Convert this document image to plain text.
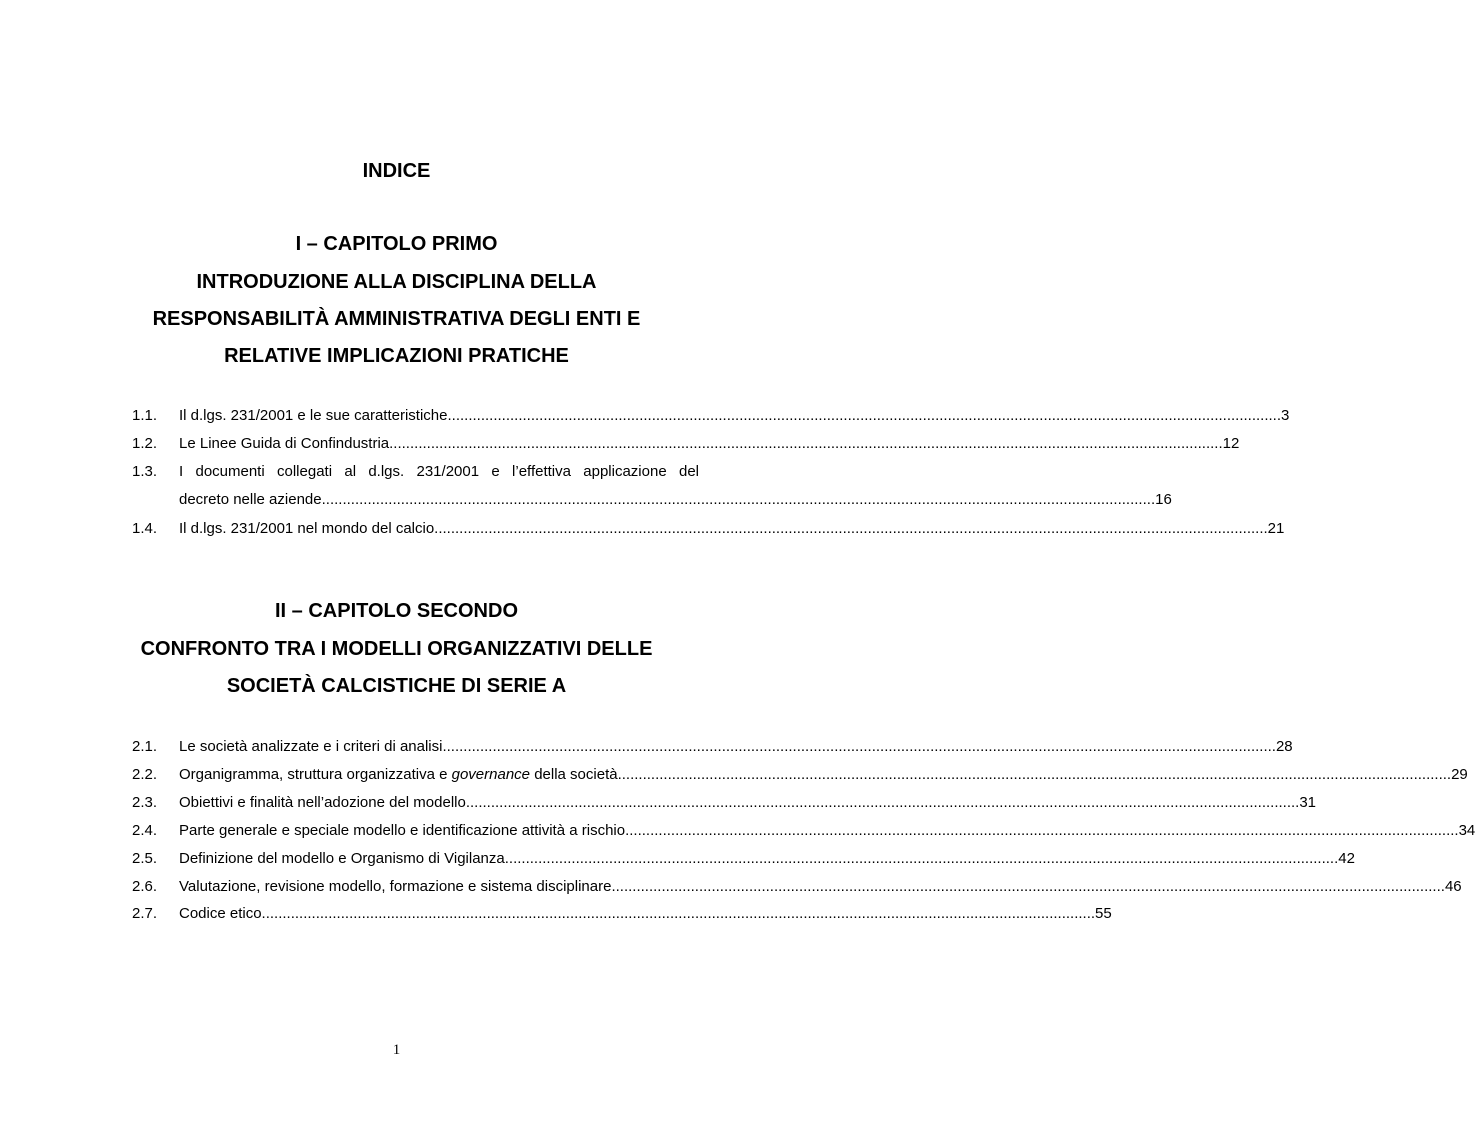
INDICE
I – CAPITOLO PRIMO
INTRODUZIONE ALLA DISCIPLINA DELLA
RESPONSABILITÀ AMMINISTRATIVA DEGLI ENTI E
RELATIVE IMPLICAZIONI PRATICHE
1.1. Il d.lgs. 231/2001 e le sue caratteristiche ........................................................................................................................................................................................................ 3
1.2. Le Linee Guida di Confindustria ........................................................................................................................................................................................................ 12
1.3. I documenti collegati al d.lgs. 231/2001 e l’effettiva applicazione del
decreto nelle aziende ........................................................................................................................................................................................................ 16
1.4. Il d.lgs. 231/2001 nel mondo del calcio ........................................................................................................................................................................................................ 21
II – CAPITOLO SECONDO
CONFRONTO TRA I MODELLI ORGANIZZATIVI DELLE
SOCIETÀ CALCISTICHE DI SERIE A
2.1. Le società analizzate e i criteri di analisi ........................................................................................................................................................................................................ 28
2.2. Organigramma, struttura organizzativa e governance della società ........................................................................................................................................................................................................ 29
2.3. Obiettivi e finalità nell’adozione del modello ........................................................................................................................................................................................................ 31
2.4. Parte generale e speciale modello e identificazione attività a rischio ........................................................................................................................................................................................................ 34
2.5. Definizione del modello e Organismo di Vigilanza ........................................................................................................................................................................................................ 42
2.6. Valutazione, revisione modello, formazione e sistema disciplinare ........................................................................................................................................................................................................ 46
2.7. Codice etico ........................................................................................................................................................................................................ 55
1
